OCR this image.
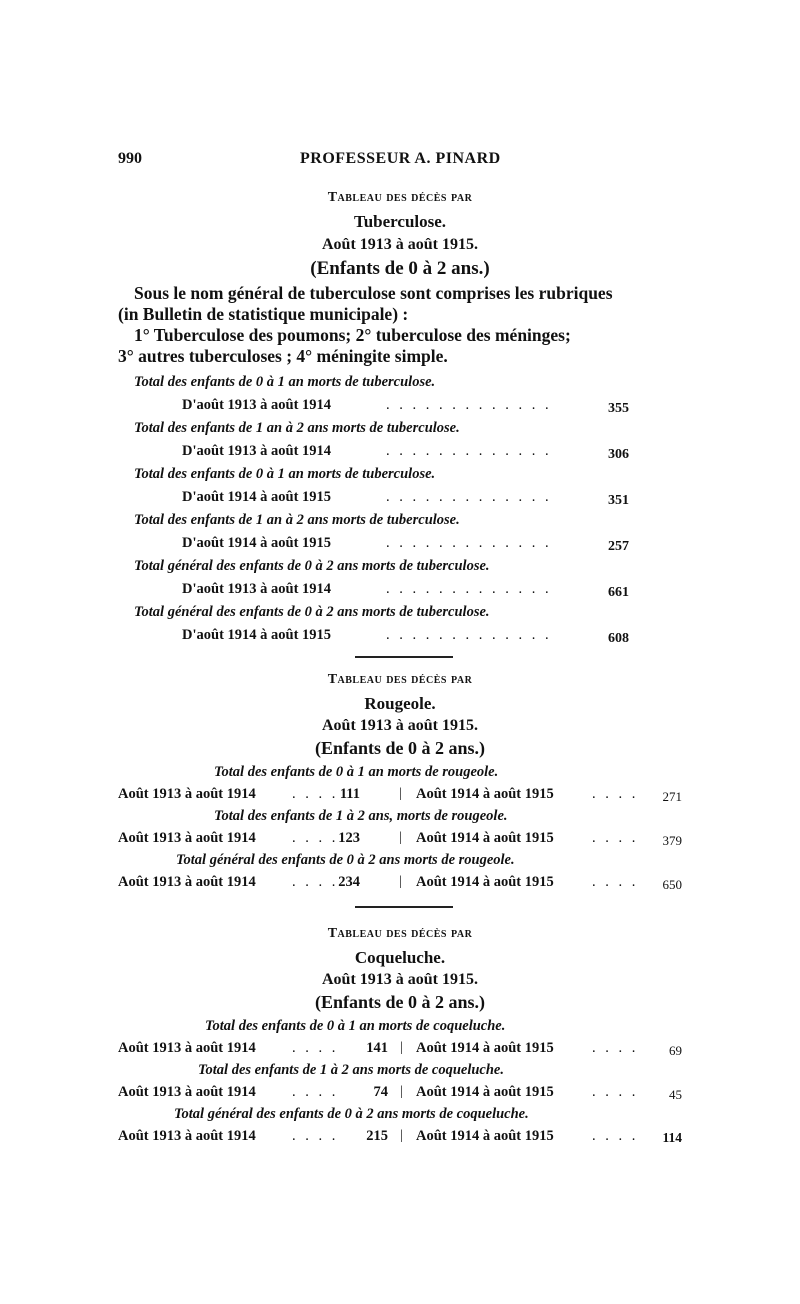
990	PROFESSEUR A. PINARD
Tableau des décès par
Tuberculose.
Août 1913 à août 1915.
(Enfants de 0 à 2 ans.)
Sous le nom général de tuberculose sont comprises les rubriques
(in Bulletin de statistique municipale) :
1° Tuberculose des poumons; 2° tuberculose des méninges;
3° autres tuberculoses ; 4° méningite simple.
Total des enfants de 0 à 1 an morts de tuberculose.
D'août 1913 à août 1914	. . . . . . . . . . . . .	355
Total des enfants de 1 an à 2 ans morts de tuberculose.
D'août 1913 à août 1914	. . . . . . . . . . . . .	306
Total des enfants de 0 à 1 an morts de tuberculose.
D'août 1914 à août 1915	. . . . . . . . . . . . .	351
Total des enfants de 1 an à 2 ans morts de tuberculose.
D'août 1914 à août 1915	. . . . . . . . . . . . .	257
Total général des enfants de 0 à 2 ans morts de tuberculose.
D'août 1913 à août 1914	. . . . . . . . . . . . .	661
Total général des enfants de 0 à 2 ans morts de tuberculose.
D'août 1914 à août 1915	. . . . . . . . . . . . .	608
Tableau des décès par
Rougeole.
Août 1913 à août 1915.
(Enfants de 0 à 2 ans.)
Total des enfants de 0 à 1 an morts de rougeole.
Août 1913 à août 1914 . . . . 111	| Août 1914 à août 1915	. . . .	271
Total des enfants de 1 à 2 ans, morts de rougeole.
Août 1913 à août 1914 . . . . 123	| Août 1914 à août 1915	. . . .	379
Total général des enfants de 0 à 2 ans morts de rougeole.
Août 1913 à août 1914 . . . . 234	| Août 1914 à août 1915	. . . .	650
Tableau des décès par
Coqueluche.
Août 1913 à août 1915.
(Enfants de 0 à 2 ans.)
Total des enfants de 0 à 1 an morts de coqueluche.
Août 1913 à août 1914 . . . .	141 | Août 1914 à août 1915	. . . .	69
Total des enfants de 1 à 2 ans morts de coqueluche.
Août 1913 à août 1914 . . . .	74 | Août 1914 à août 1915	. . . .	45
Total général des enfants de 0 à 2 ans morts de coqueluche.
Août 1913 à août 1914 . . . .	215 | Août 1914 à août 1915	. . . .	114
